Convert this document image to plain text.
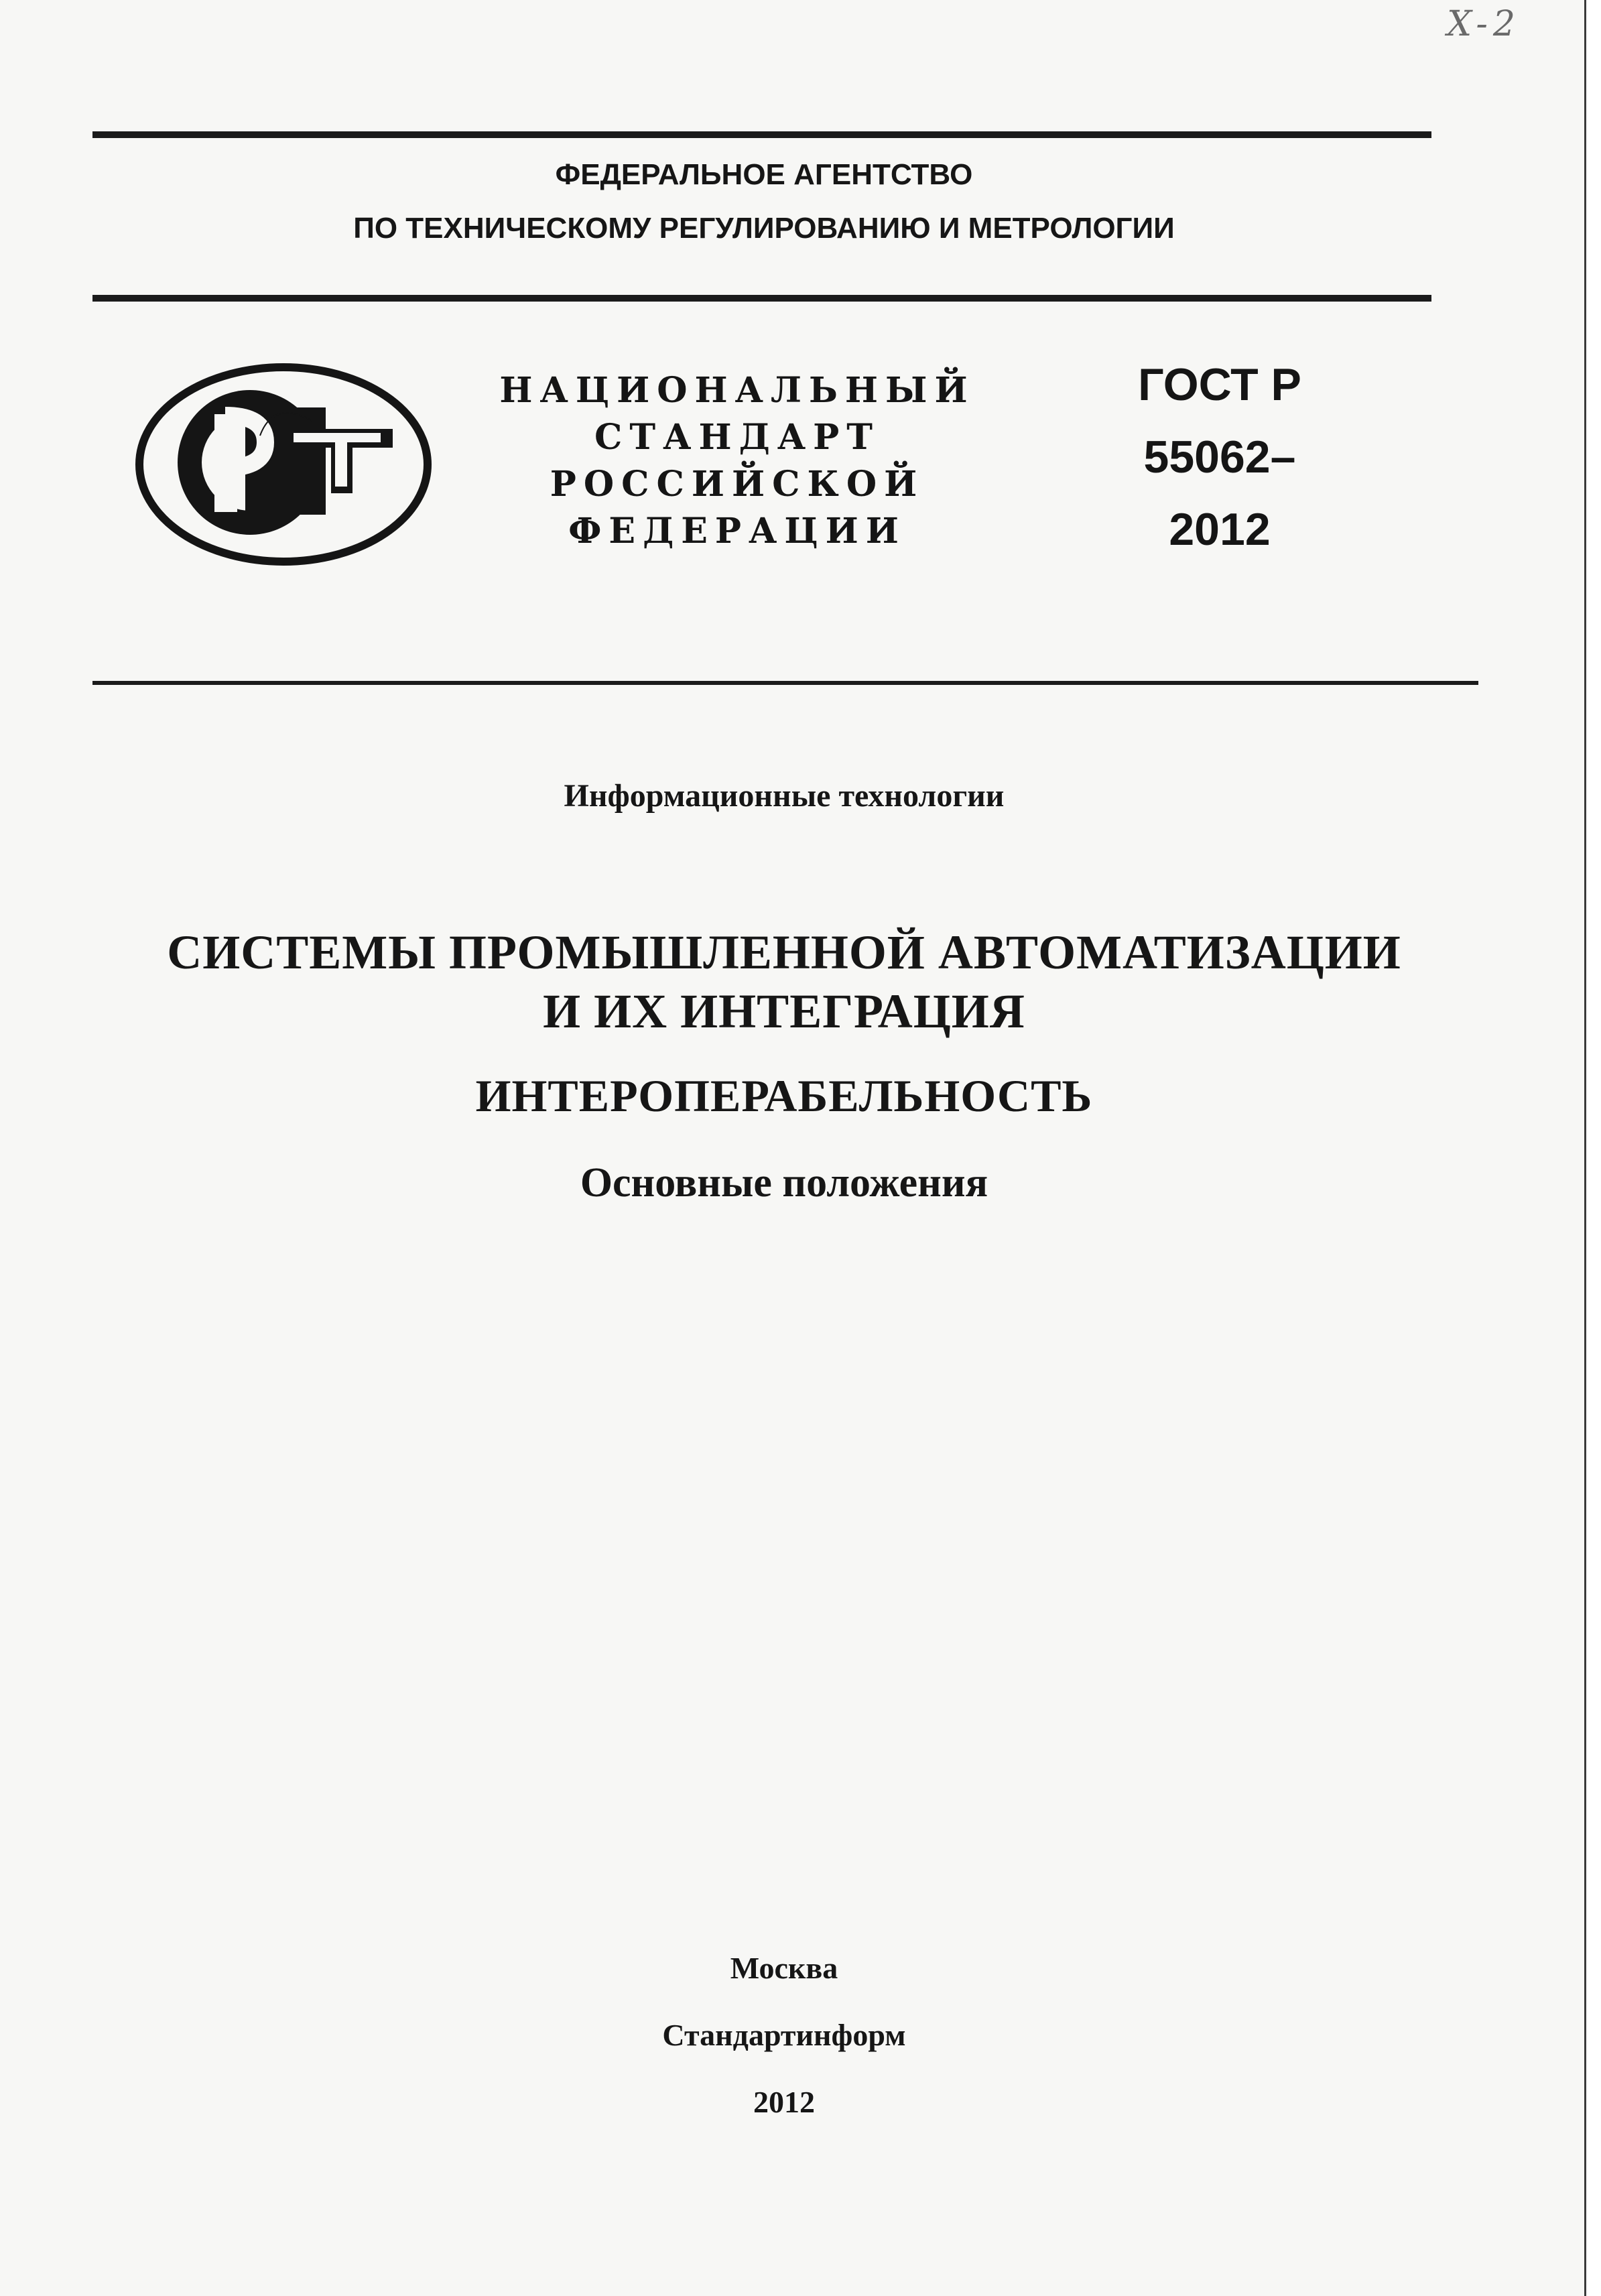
X-2
ФЕДЕРАЛЬНОЕ АГЕНТСТВО
ПО ТЕХНИЧЕСКОМУ РЕГУЛИРОВАНИЮ И МЕТРОЛОГИИ
НАЦИОНАЛЬНЫЙ
СТАНДАРТ
РОССИЙСКОЙ
ФЕДЕРАЦИИ
ГОСТ Р
55062–
2012
Информационные технологии
СИСТЕМЫ ПРОМЫШЛЕННОЙ АВТОМАТИЗАЦИИ
И ИХ ИНТЕГРАЦИЯ
ИНТЕРОПЕРАБЕЛЬНОСТЬ
Основные положения
Москва
Стандартинформ
2012
